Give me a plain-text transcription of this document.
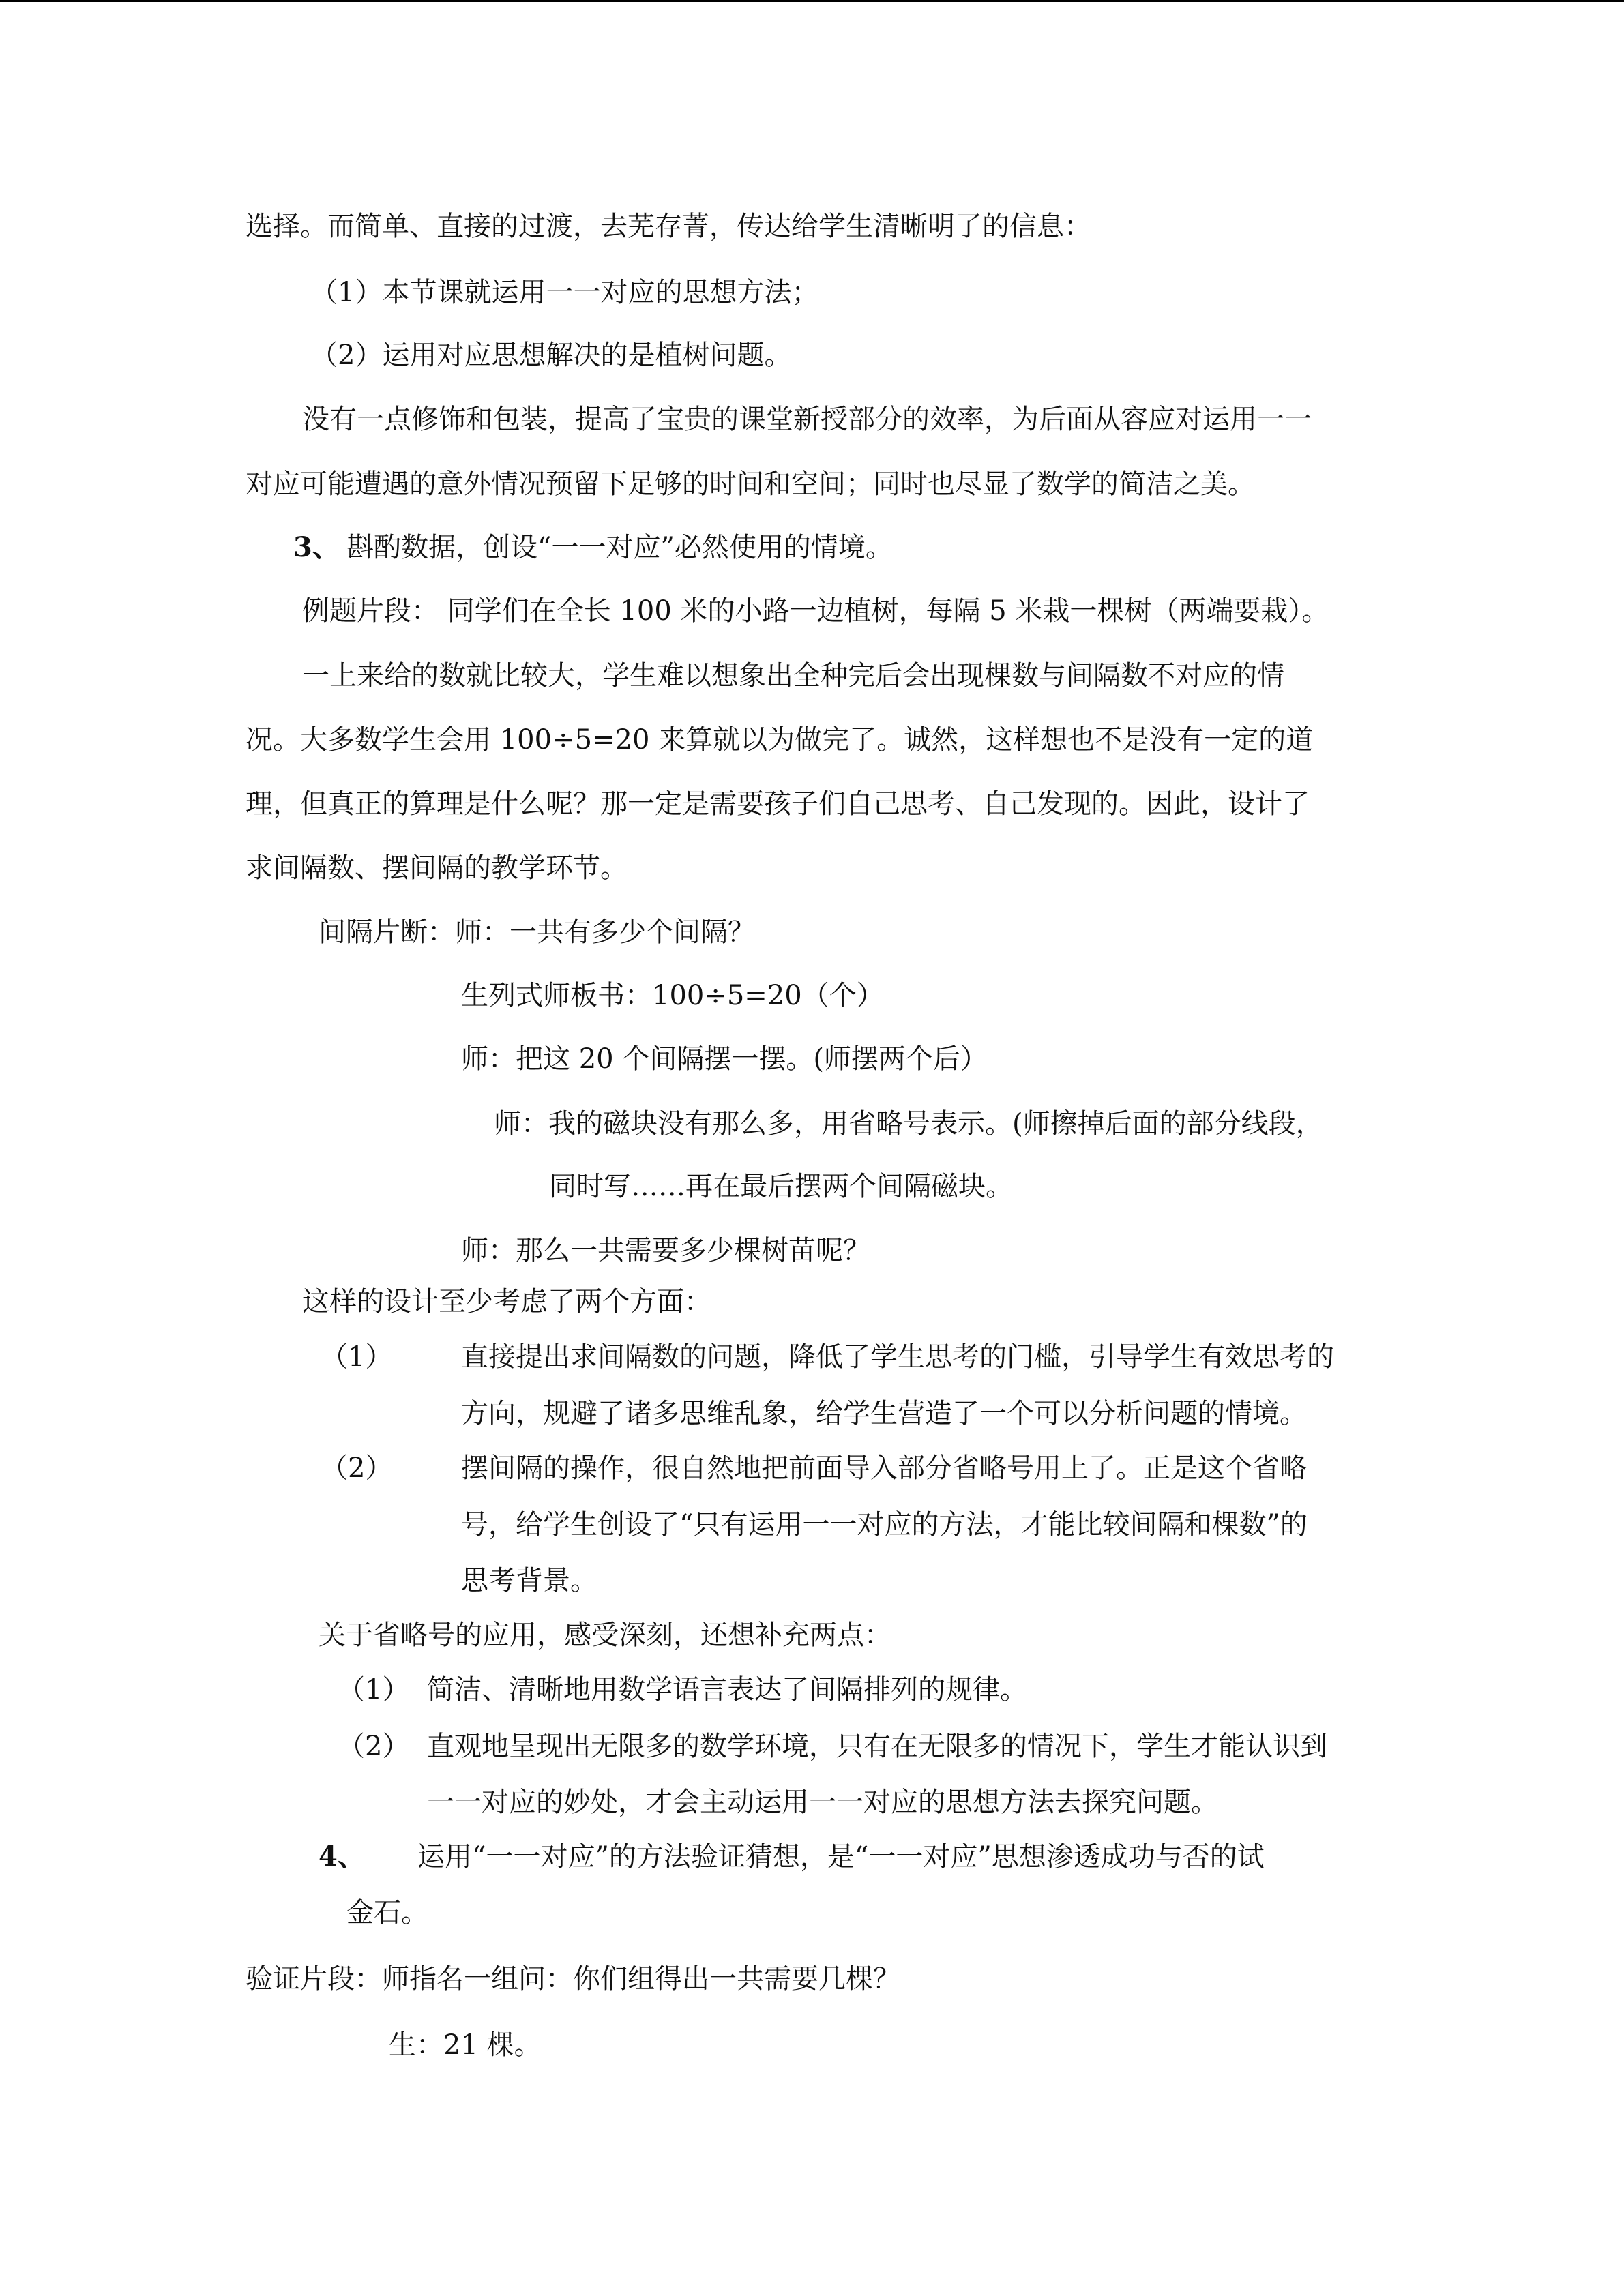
选择。而简单、直接的过渡，去芜存菁，传达给学生清晰明了的信息：
（1）本节课就运用一一对应的思想方法；
（2）运用对应思想解决的是植树问题。
没有一点修饰和包装，提高了宝贵的课堂新授部分的效率，为后面从容应对运用一一
对应可能遭遇的意外情况预留下足够的时间和空间；同时也尽显了数学的简洁之美。
3、 斟酌数据，创设“一一对应”必然使用的情境。
例题片段： 同学们在全长 100 米的小路一边植树，每隔 5 米栽一棵树（两端要栽）。
一上来给的数就比较大，学生难以想象出全种完后会出现棵数与间隔数不对应的情
况。大多数学生会用 100÷5=20 来算就以为做完了。诚然，这样想也不是没有一定的道
理，但真正的算理是什么呢？那一定是需要孩子们自己思考、自己发现的。因此，设计了
求间隔数、摆间隔的教学环节。
间隔片断：师：一共有多少个间隔？
生列式师板书：100÷5=20（个）
师：把这 20 个间隔摆一摆。(师摆两个后）
师：我的磁块没有那么多，用省略号表示。(师擦掉后面的部分线段，
同时写……再在最后摆两个间隔磁块。
师：那么一共需要多少棵树苗呢？
这样的设计至少考虑了两个方面：
（1）	直接提出求间隔数的问题，降低了学生思考的门槛，引导学生有效思考的
方向，规避了诸多思维乱象，给学生营造了一个可以分析问题的情境。
（2）	摆间隔的操作，很自然地把前面导入部分省略号用上了。正是这个省略
号，给学生创设了“只有运用一一对应的方法，才能比较间隔和棵数”的
思考背景。
关于省略号的应用，感受深刻，还想补充两点：
（1） 简洁、清晰地用数学语言表达了间隔排列的规律。
（2） 直观地呈现出无限多的数学环境，只有在无限多的情况下，学生才能认识到
一一对应的妙处，才会主动运用一一对应的思想方法去探究问题。
4、 运用“一一对应”的方法验证猜想，是“一一对应”思想渗透成功与否的试
金石。
验证片段：师指名一组问：你们组得出一共需要几棵？
生：21 棵。
